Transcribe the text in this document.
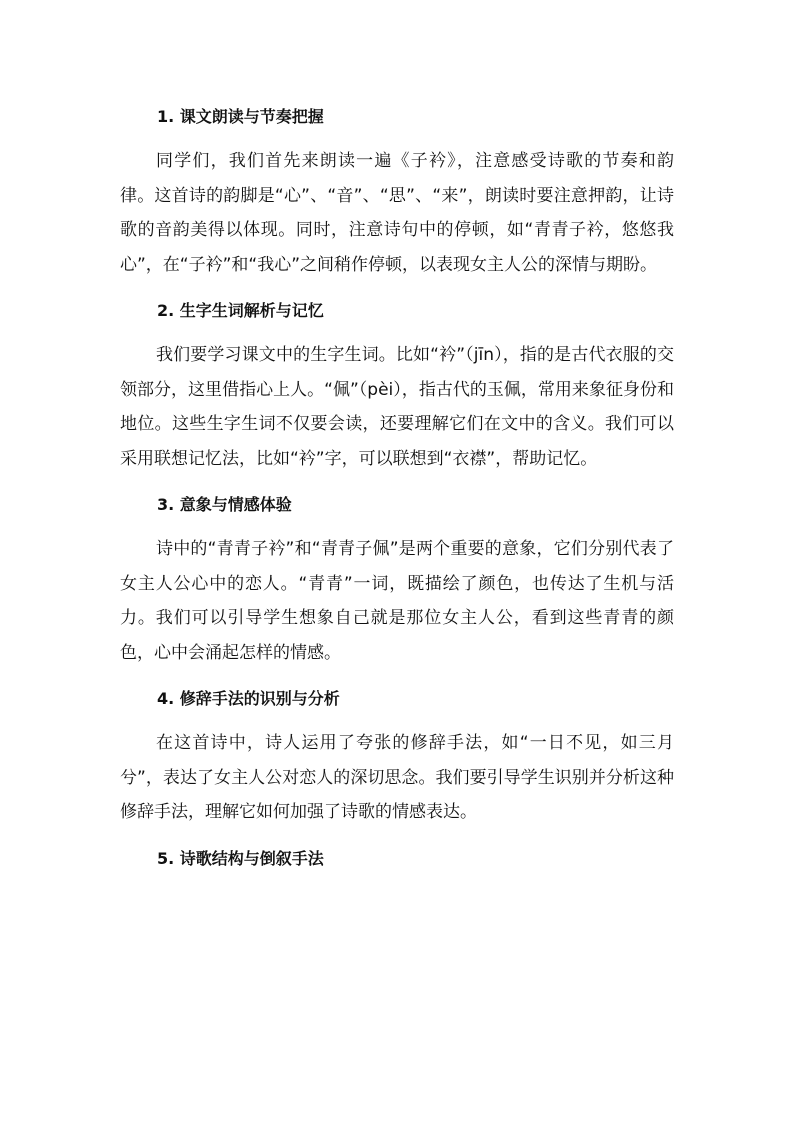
1. 课文朗读与节奏把握

同学们，我们首先来朗读一遍《子衿》，注意感受诗歌的节奏和韵律。这首诗的韵脚是“心”、“音”、“思”、“来”，朗读时要注意押韵，让诗歌的音韵美得以体现。同时，注意诗句中的停顿，如“青青子衿，悠悠我心”，在“子衿”和“我心”之间稍作停顿，以表现女主人公的深情与期盼。

2. 生字生词解析与记忆

我们要学习课文中的生字生词。比如“衿”（jīn），指的是古代衣服的交领部分，这里借指心上人。“佩”（pèi），指古代的玉佩，常用来象征身份和地位。这些生字生词不仅要会读，还要理解它们在文中的含义。我们可以采用联想记忆法，比如“衿”字，可以联想到“衣襟”，帮助记忆。

3. 意象与情感体验

诗中的“青青子衿”和“青青子佩”是两个重要的意象，它们分别代表了女主人公心中的恋人。“青青”一词，既描绘了颜色，也传达了生机与活力。我们可以引导学生想象自己就是那位女主人公，看到这些青青的颜色，心中会涌起怎样的情感。

4. 修辞手法的识别与分析

在这首诗中，诗人运用了夸张的修辞手法，如“一日不见，如三月兮”，表达了女主人公对恋人的深切思念。我们要引导学生识别并分析这种修辞手法，理解它如何加强了诗歌的情感表达。

5. 诗歌结构与倒叙手法
